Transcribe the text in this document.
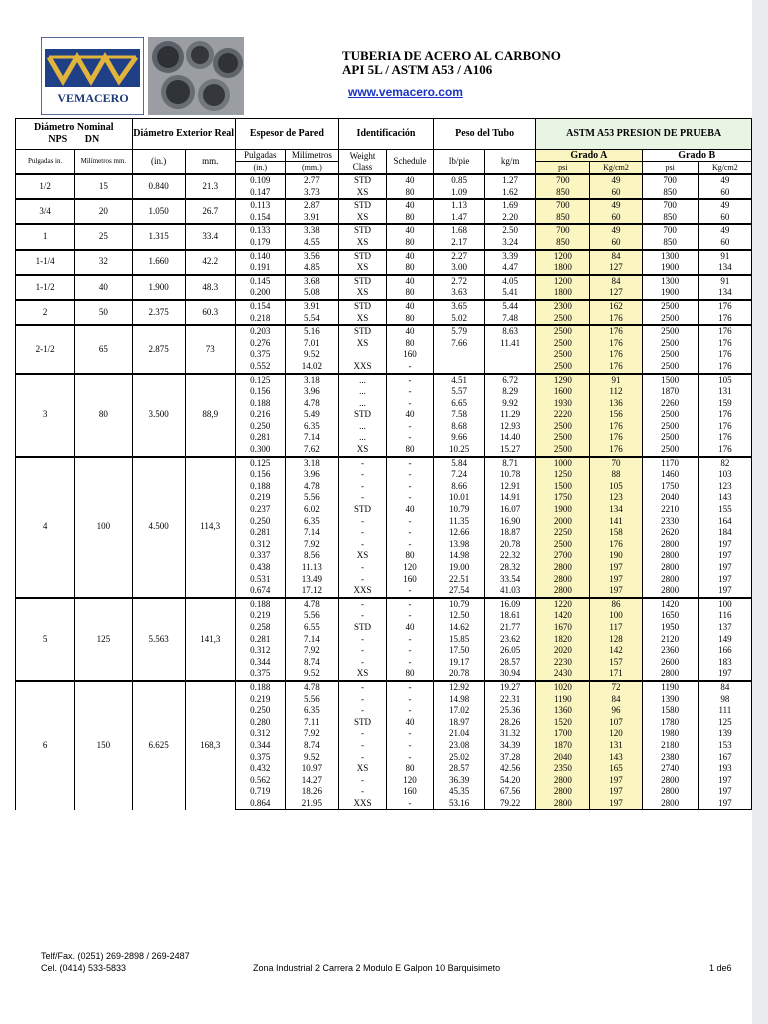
VEMACERO
TUBERIA DE ACERO AL CARBONO
API 5L / ASTM A53 / A106
www.vemacero.com
Diámetro Nominal
NPS DN		Diámetro Exterior Real		Espesor de Pared		Identificación		Peso del Tubo		ASTM A53 PRESION DE PRUEBA			
Pulgadas in.	Milímetros mm.	(in.)	mm.	Pulgadas	Milímetros	Weight Class	Schedule	lb/pie	kg/m	Grado A		Grado B	
				(in.)	(mm.)					psi	Kg/cm2	psi	Kg/cm2
1/2	15	0.840	21.3	0.109	2.77	STD	40	0.85	1.27	700	49	700	49
				0.147	3.73	XS	80	1.09	1.62	850	60	850	60
3/4	20	1.050	26.7	0.113	2.87	STD	40	1.13	1.69	700	49	700	49
				0.154	3.91	XS	80	1.47	2.20	850	60	850	60
1	25	1.315	33.4	0.133	3.38	STD	40	1.68	2.50	700	49	700	49
				0.179	4.55	XS	80	2.17	3.24	850	60	850	60
1-1/4	32	1.660	42.2	0.140	3.56	STD	40	2.27	3.39	1200	84	1300	91
				0.191	4.85	XS	80	3.00	4.47	1800	127	1900	134
1-1/2	40	1.900	48.3	0.145	3.68	STD	40	2.72	4.05	1200	84	1300	91
				0.200	5.08	XS	80	3.63	5.41	1800	127	1900	134
2	50	2.375	60.3	0.154	3.91	STD	40	3.65	5.44	2300	162	2500	176
				0.218	5.54	XS	80	5.02	7.48	2500	176	2500	176
2-1/2	65	2.875	73	0.203	5.16	STD	40	5.79	8.63	2500	176	2500	176
				0.276	7.01	XS	80	7.66	11.41	2500	176	2500	176
				0.375	9.52		160			2500	176	2500	176
				0.552	14.02	XXS	-			2500	176	2500	176
3	80	3.500	88,9	0.125	3.18	...	-	4.51	6.72	1290	91	1500	105
				0.156	3.96	...	-	5.57	8.29	1600	112	1870	131
				0.188	4.78	...	-	6.65	9.92	1930	136	2260	159
				0.216	5.49	STD	40	7.58	11.29	2220	156	2500	176
				0.250	6.35	...	-	8.68	12.93	2500	176	2500	176
				0.281	7.14	...	-	9.66	14.40	2500	176	2500	176
				0.300	7.62	XS	80	10.25	15.27	2500	176	2500	176
4	100	4.500	114,3	0.125	3.18	-	-	5.84	8.71	1000	70	1170	82
				0.156	3.96	-	-	7.24	10.78	1250	88	1460	103
				0.188	4.78	-	-	8.66	12.91	1500	105	1750	123
				0.219	5.56	-	-	10.01	14.91	1750	123	2040	143
				0.237	6.02	STD	40	10.79	16.07	1900	134	2210	155
				0.250	6.35	-	-	11.35	16.90	2000	141	2330	164
				0.281	7.14	-	-	12.66	18.87	2250	158	2620	184
				0.312	7.92	-	-	13.98	20.78	2500	176	2800	197
				0.337	8.56	XS	80	14.98	22.32	2700	190	2800	197
				0.438	11.13	-	120	19.00	28.32	2800	197	2800	197
				0.531	13.49	-	160	22.51	33.54	2800	197	2800	197
				0.674	17.12	XXS	-	27.54	41.03	2800	197	2800	197
5	125	5.563	141,3	0.188	4.78	-	-	10.79	16.09	1220	86	1420	100
				0.219	5.56	-	-	12.50	18.61	1420	100	1650	116
				0.258	6.55	STD	40	14.62	21.77	1670	117	1950	137
				0.281	7.14	-	-	15.85	23.62	1820	128	2120	149
				0.312	7.92	-	-	17.50	26.05	2020	142	2360	166
				0.344	8.74	-	-	19.17	28.57	2230	157	2600	183
				0.375	9.52	XS	80	20.78	30.94	2430	171	2800	197
6	150	6.625	168,3	0.188	4.78	-	-	12.92	19.27	1020	72	1190	84
				0.219	5.56	-	-	14.98	22.31	1190	84	1390	98
				0.250	6.35	-	-	17.02	25.36	1360	96	1580	111
				0.280	7.11	STD	40	18.97	28.26	1520	107	1780	125
				0.312	7.92	-	-	21.04	31.32	1700	120	1980	139
				0.344	8.74	-	-	23.08	34.39	1870	131	2180	153
				0.375	9.52	-	-	25.02	37.28	2040	143	2380	167
				0.432	10.97	XS	80	28.57	42.56	2350	165	2740	193
				0.562	14.27	-	120	36.39	54.20	2800	197	2800	197
				0.719	18.26	-	160	45.35	67.56	2800	197	2800	197
				0.864	21.95	XXS	-	53.16	79.22	2800	197	2800	197
Telf/Fax. (0251) 269-2898 / 269-2487
Cel. (0414) 533-5833	Zona Industrial 2 Carrera 2 Modulo E Galpon 10 Barquisimeto	1 de6
